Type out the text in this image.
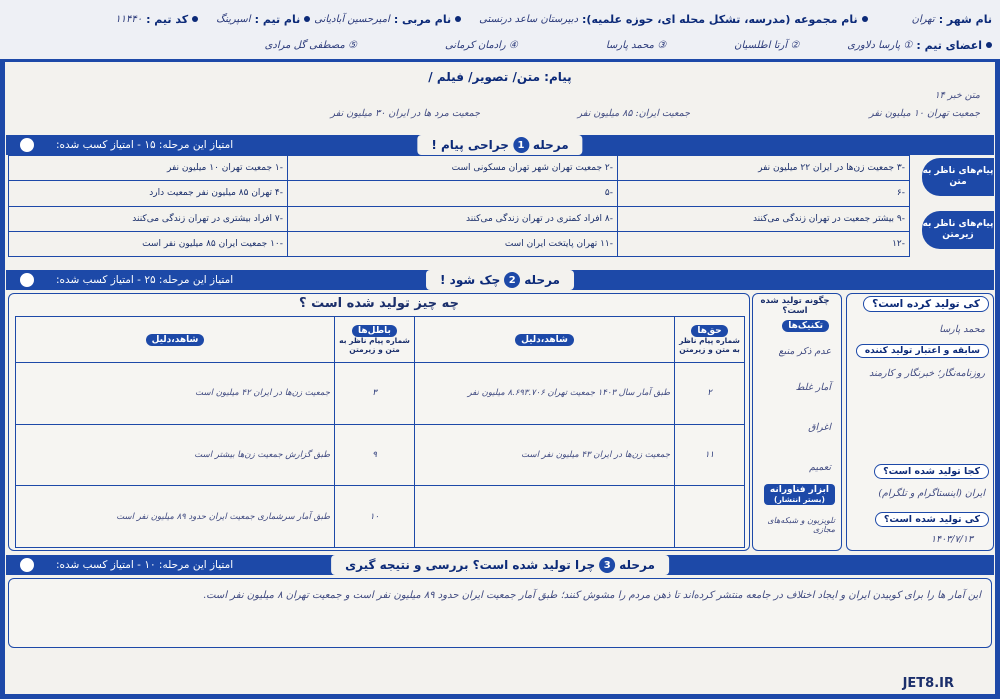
نام شهر :
تهران
نام مجموعه (مدرسه، تشکل محله ای، حوزه علمیه):
دبیرستان ساعد درنستی
نام مربی :
امیرحسین آبادیانی
نام تیم :
اسپرینگ
کد تیم :
۱۱۴۴۰
اعضای تیم :
① پارسا دلاوری
② آرتا اطلسیان
③ محمد پارسا
④ رادمان کرمانی
⑤ مصطفی گل مرادی
پیام: متن/ تصویر/ فیلم /
متن خبر ۱۴
جمعیت تهران ۱۰ میلیون نفر
جمعیت ایران: ۸۵ میلیون نفر
جمعیت مرد ها در ایران ۳۰ میلیون نفر
مرحله
1
جراحی پیام !
امتیاز این مرحله: ۱۵ - امتیاز کسب شده:
پیام‌های ناظر به متن
پیام‌های ناظر به زیرمتن
-۳ جمعیت زن‌ها در ایران ۲۲ میلیون نفر	-۲ جمعیت تهران شهر تهران مسکونی است	-۱ جمعیت تهران ۱۰ میلیون نفر
-۶	-۵	-۴ تهران ۸۵ میلیون نفر جمعیت دارد
-۹ بیشتر جمعیت در تهران زندگی می‌کنند	-۸ افراد کمتری در تهران زندگی می‌کنند	-۷ افراد بیشتری در تهران زندگی می‌کنند
-۱۲	-۱۱ تهران پایتخت ایران است	-۱۰ جمعیت ایران ۸۵ میلیون نفر است
مرحله
2
چک شود !
امتیاز این مرحله: ۲۵ - امتیاز کسب شده:
کی تولید کرده است؟
محمد پارسا
سابقه و اعتبار تولید کننده
روزنامه‌نگار؛ خبرنگار و کارمند
کجا تولید شده است؟
ایران (اینستاگرام و تلگرام)
کی تولید شده است؟
۱۴۰۳/۷/۱۳
چگونه تولید شده است؟
تکنیک‌ها
عدم ذکر منبع
آمار غلط
اغراق
تعمیم
ابزار فناورانه
(بستر انتشار)
تلویزیون و شبکه‌های مجازی
چه چیز تولید شده است ؟
حق‌ها
شماره پیام ناظر به متن و زیرمتن	شاهد،دلیل	باطل‌ها
شماره پیام ناظر به متن و زیرمتن	شاهد،دلیل
۲	طبق آمار سال ۱۴۰۳ جمعیت تهران ۸.۶۹۳.۷۰۶ میلیون نفر	۳	جمعیت زن‌ها در ایران ۴۲ میلیون است
۱۱	جمعیت زن‌ها در ایران ۴۳ میلیون نفر است	۹	طبق گزارش جمعیت زن‌ها بیشتر است
		۱۰	طبق آمار سرشماری جمعیت ایران حدود ۸۹ میلیون نفر است
مرحله
3
چرا تولید شده است؟ بررسی و نتیجه گیری
امتیاز این مرحله: ۱۰ - امتیاز کسب شده:
این آمار ها را برای کوبیدن ایران و ایجاد اختلاف در جامعه منتشر کرده‌اند تا ذهن مردم را مشوش کنند؛ طبق آمار جمعیت ایران حدود ۸۹ میلیون نفر است و جمعیت تهران ۸ میلیون نفر است.
JET8.IR
